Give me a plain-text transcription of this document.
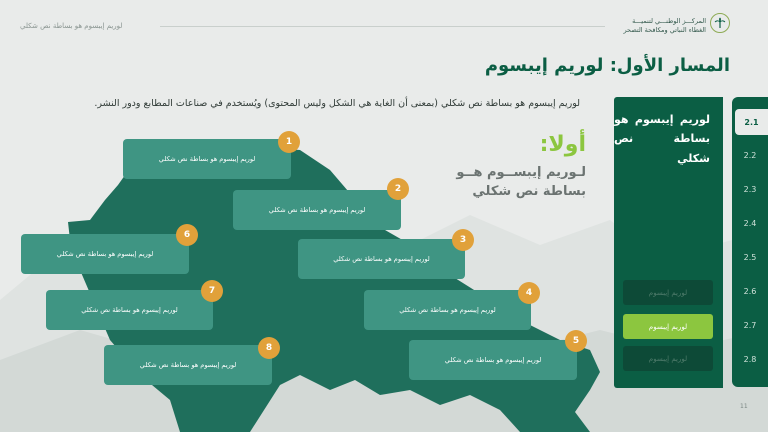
لوريم إيبسوم هو بساطة نص شكلي
المركـــز الوطنـــي لتنميـــة
الغطاء النباتي ومكافحة التصحر
المسار الأول: لوريم إيبسوم
لوريم إيبسوم هو بساطة نص شكلي (بمعنى أن الغاية هي الشكل وليس المحتوى) ويُستخدم في صناعات المطابع ودور النشر.
لوريم إيبسوم هو بساطة نص شكلي
لوريم إيبسوم
لوريم إيبسوم
لوريم إيبسوم
2.1
2.2
2.3
2.4
2.5
2.6
2.7
2.8
أولا:
لـوريم إيبســوم هــو بساطة نص شكلي
لوريم إيبسوم هو بساطة نص شكلي
1
لوريم إيبسوم هو بساطة نص شكلي
2
لوريم إيبسوم هو بساطة نص شكلي
3
لوريم إيبسوم هو بساطة نص شكلي
4
لوريم إيبسوم هو بساطة نص شكلي
5
لوريم إيبسوم هو بساطة نص شكلي
6
لوريم إيبسوم هو بساطة نص شكلي
7
لوريم إيبسوم هو بساطة نص شكلي
8
11
